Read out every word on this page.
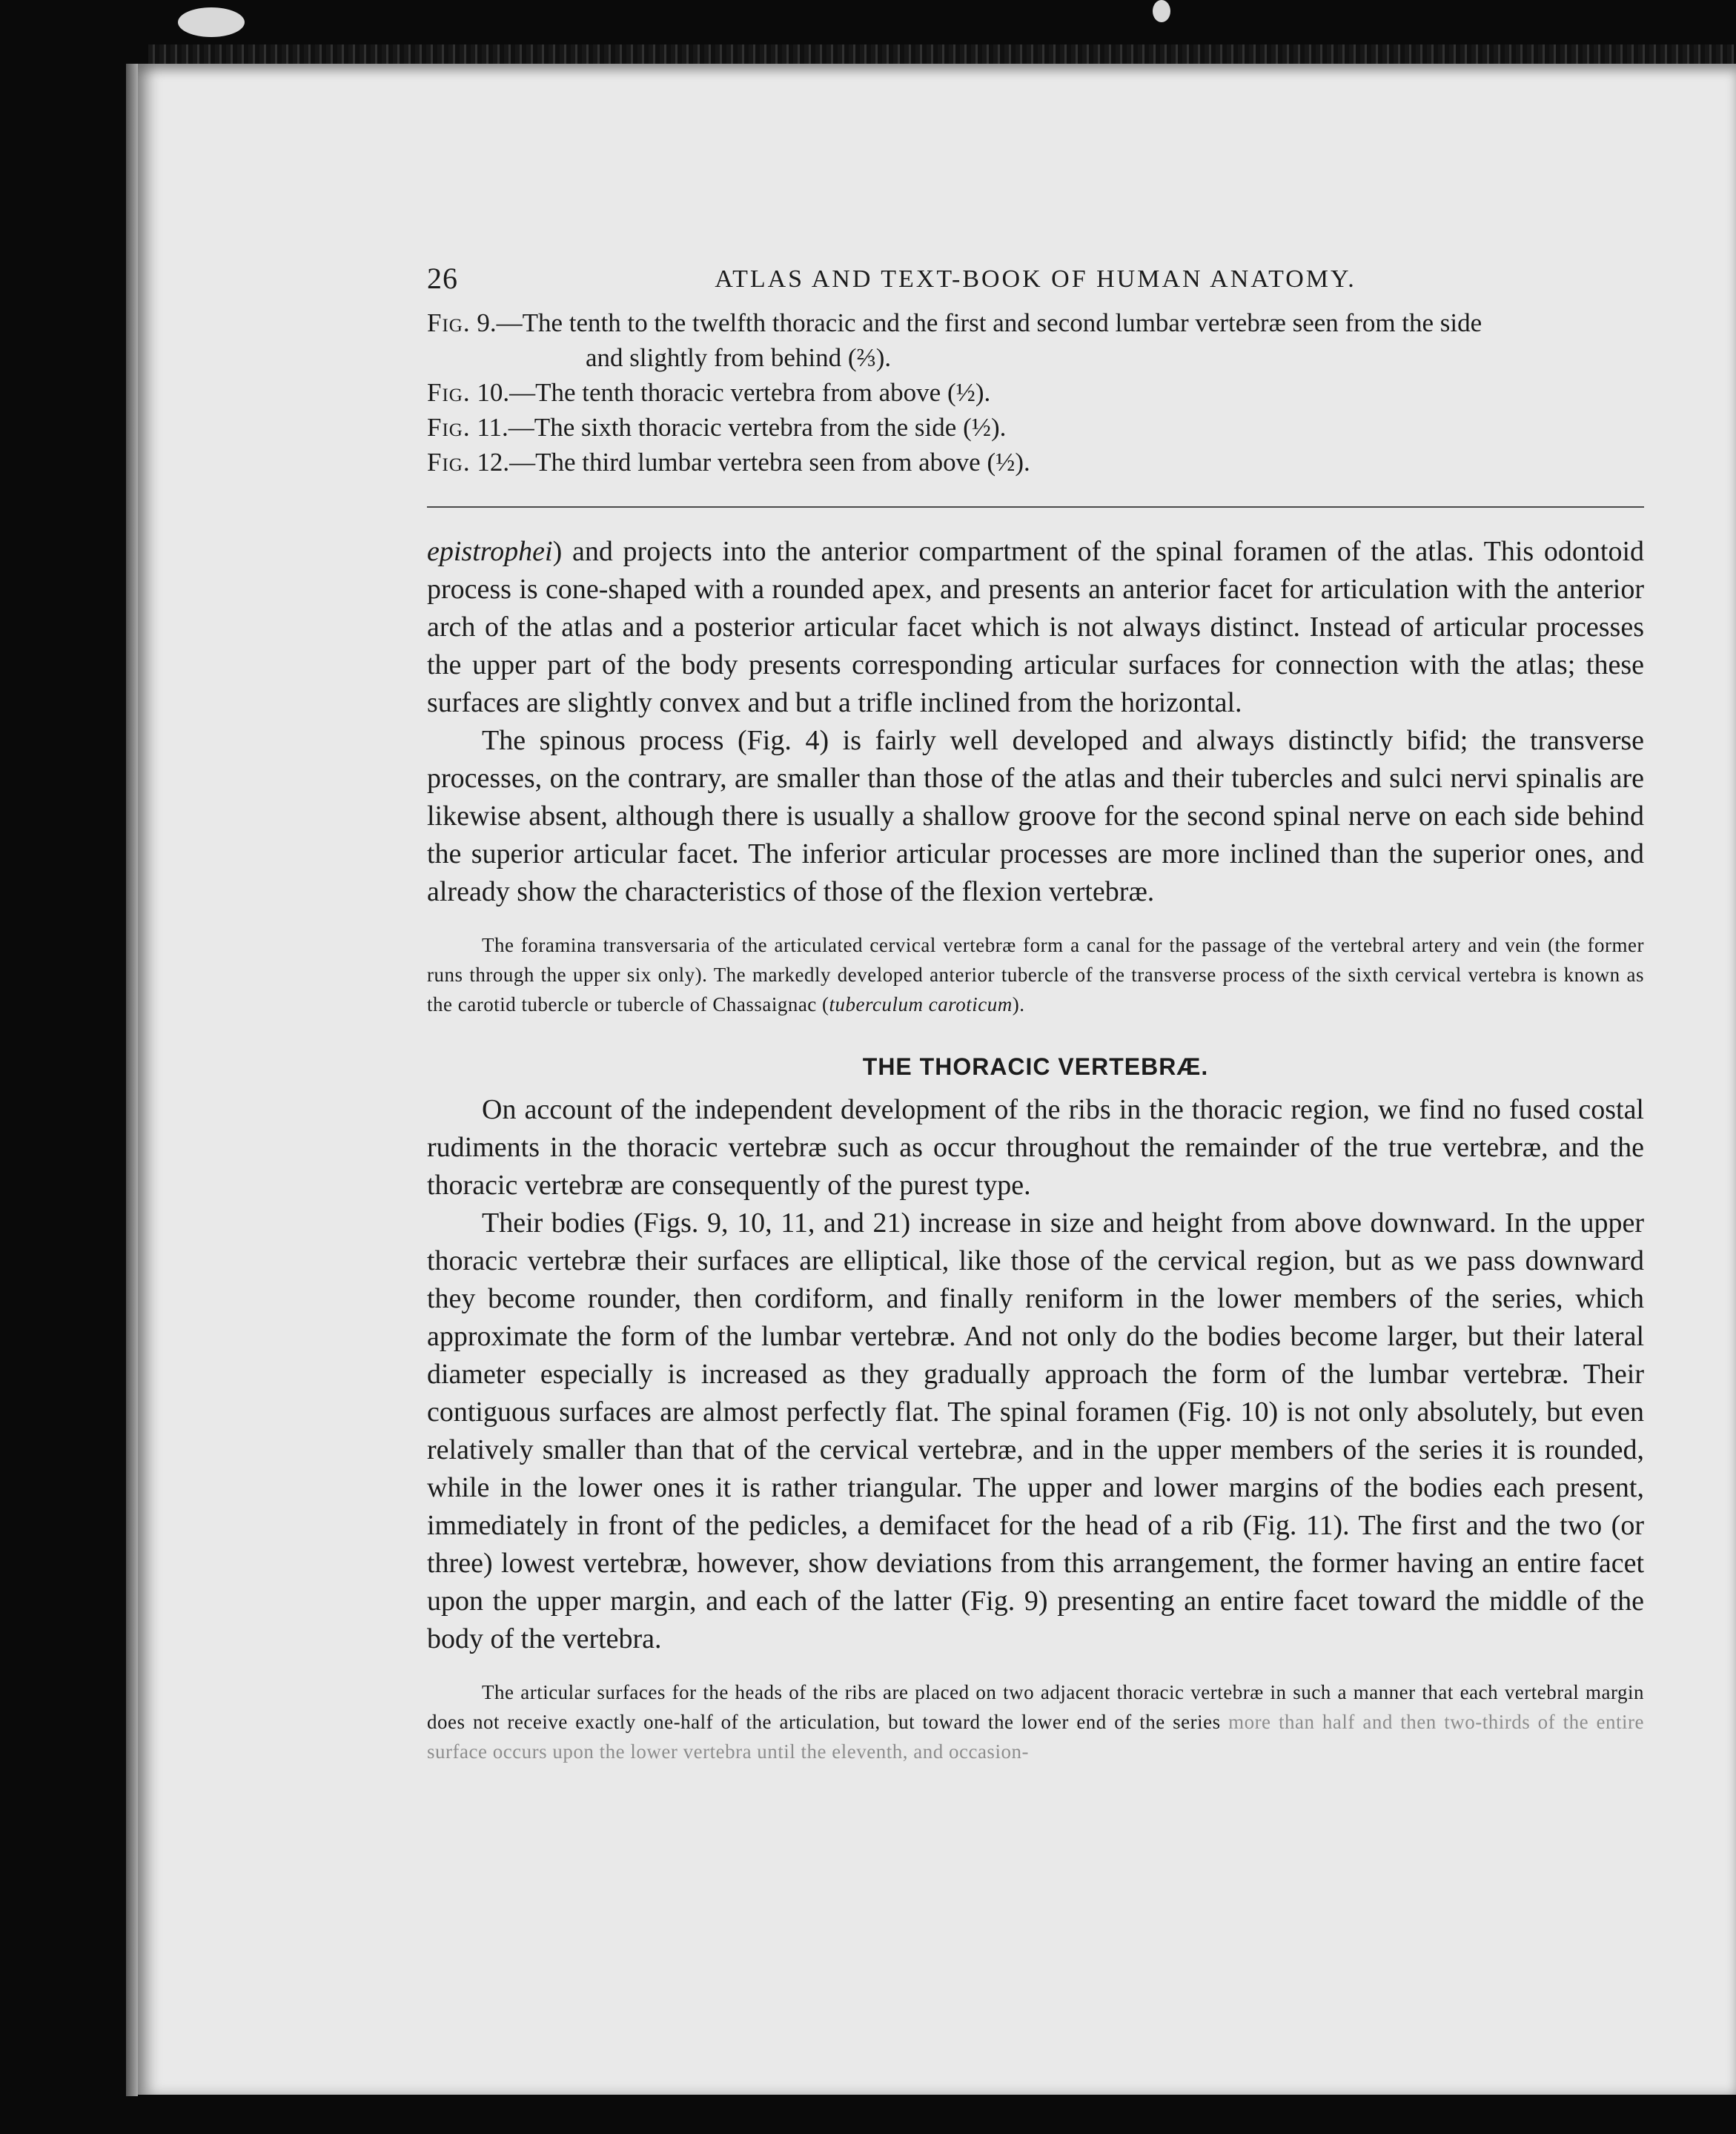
26	ATLAS AND TEXT-BOOK OF HUMAN ANATOMY.

Fig. 9.—The tenth to the twelfth thoracic and the first and second lumbar vertebræ seen from the side
and slightly from behind (⅔).

Fig. 10.—The tenth thoracic vertebra from above (½).

Fig. 11.—The sixth thoracic vertebra from the side (½).

Fig. 12.—The third lumbar vertebra seen from above (½).

epistrophei) and projects into the anterior compartment of the spinal foramen of the atlas. This odontoid process is cone-shaped with a rounded apex, and presents an anterior facet for articulation with the anterior arch of the atlas and a posterior articular facet which is not always distinct. Instead of articular processes the upper part of the body presents corresponding articular surfaces for connection with the atlas; these surfaces are slightly convex and but a trifle inclined from the horizontal.

The spinous process (Fig. 4) is fairly well developed and always distinctly bifid; the transverse processes, on the contrary, are smaller than those of the atlas and their tubercles and sulci nervi spinalis are likewise absent, although there is usually a shallow groove for the second spinal nerve on each side behind the superior articular facet. The inferior articular processes are more inclined than the superior ones, and already show the characteristics of those of the flexion vertebræ.

The foramina transversaria of the articulated cervical vertebræ form a canal for the passage of the vertebral artery and vein (the former runs through the upper six only). The markedly developed anterior tubercle of the transverse process of the sixth cervical vertebra is known as the carotid tubercle or tubercle of Chassaignac (tuberculum caroticum).

THE THORACIC VERTEBRÆ.

On account of the independent development of the ribs in the thoracic region, we find no fused costal rudiments in the thoracic vertebræ such as occur throughout the remainder of the true vertebræ, and the thoracic vertebræ are consequently of the purest type.

Their bodies (Figs. 9, 10, 11, and 21) increase in size and height from above downward. In the upper thoracic vertebræ their surfaces are elliptical, like those of the cervical region, but as we pass downward they become rounder, then cordiform, and finally reniform in the lower members of the series, which approximate the form of the lumbar vertebræ. And not only do the bodies become larger, but their lateral diameter especially is increased as they gradually approach the form of the lumbar vertebræ. Their contiguous surfaces are almost perfectly flat. The spinal foramen (Fig. 10) is not only absolutely, but even relatively smaller than that of the cervical vertebræ, and in the upper members of the series it is rounded, while in the lower ones it is rather triangular. The upper and lower margins of the bodies each present, immediately in front of the pedicles, a demifacet for the head of a rib (Fig. 11). The first and the two (or three) lowest vertebræ, however, show deviations from this arrangement, the former having an entire facet upon the upper margin, and each of the latter (Fig. 9) presenting an entire facet toward the middle of the body of the vertebra.

The articular surfaces for the heads of the ribs are placed on two adjacent thoracic vertebræ in such a manner that each vertebral margin does not receive exactly one-half of the articulation, but toward the lower end of the series more than half and then two-thirds of the entire surface occurs upon the lower vertebra until the eleventh, and occasion-
